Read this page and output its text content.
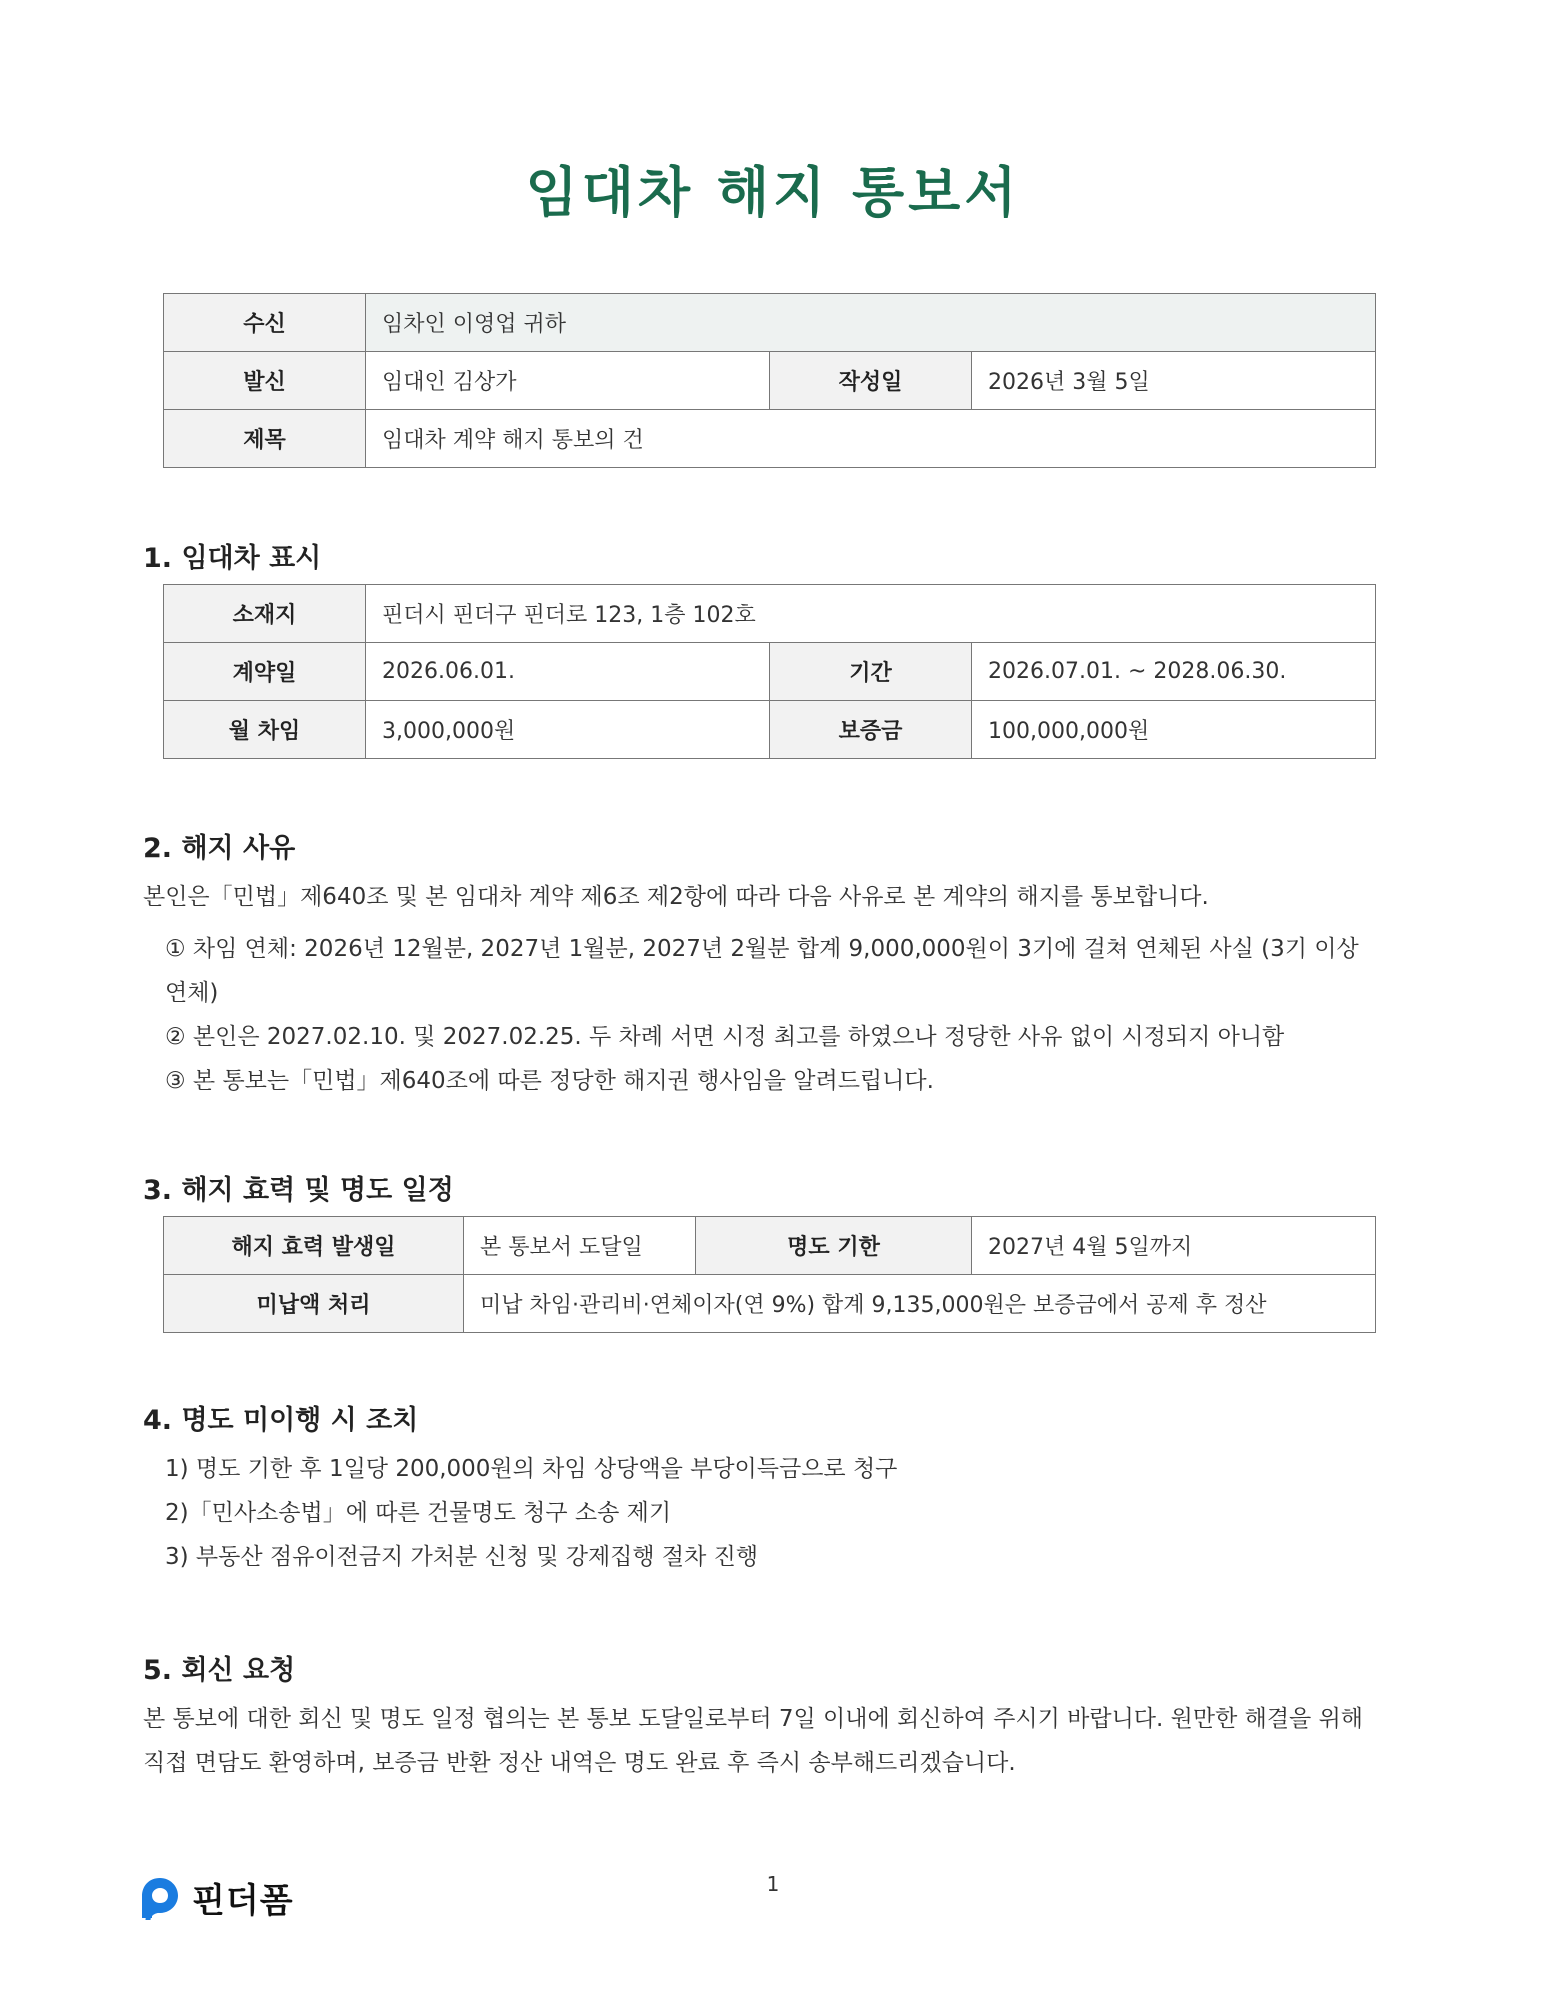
임대차 해지 통보서
수신	임차인 이영업 귀하		
발신	임대인 김상가	작성일	2026년 3월 5일
제목	임대차 계약 해지 통보의 건		
1. 임대차 표시
소재지	핀더시 핀더구 핀더로 123, 1층 102호		
계약일	2026.06.01.	기간	2026.07.01. ~ 2028.06.30.
월 차임	3,000,000원	보증금	100,000,000원
2. 해지 사유

본인은「민법」제640조 및 본 임대차 계약 제6조 제2항에 따라 다음 사유로 본 계약의 해지를 통보합니다.

① 차임 연체: 2026년 12월분, 2027년 1월분, 2027년 2월분 합계 9,000,000원이 3기에 걸쳐 연체된 사실 (3기 이상 연체)
② 본인은 2027.02.10. 및 2027.02.25. 두 차례 서면 시정 최고를 하였으나 정당한 사유 없이 시정되지 아니함
③ 본 통보는「민법」제640조에 따른 정당한 해지권 행사임을 알려드립니다.
3. 해지 효력 및 명도 일정
해지 효력 발생일	본 통보서 도달일	명도 기한	2027년 4월 5일까지
미납액 처리	미납 차임·관리비·연체이자(연 9%) 합계 9,135,000원은 보증금에서 공제 후 정산		
4. 명도 미이행 시 조치
1) 명도 기한 후 1일당 200,000원의 차임 상당액을 부당이득금으로 청구
2)「민사소송법」에 따른 건물명도 청구 소송 제기
3) 부동산 점유이전금지 가처분 신청 및 강제집행 절차 진행
5. 회신 요청

본 통보에 대한 회신 및 명도 일정 협의는 본 통보 도달일로부터 7일 이내에 회신하여 주시기 바랍니다. 원만한 해결을 위해 직접 면담도 환영하며, 보증금 반환 정산 내역은 명도 완료 후 즉시 송부해드리겠습니다.

1
핀더폼
